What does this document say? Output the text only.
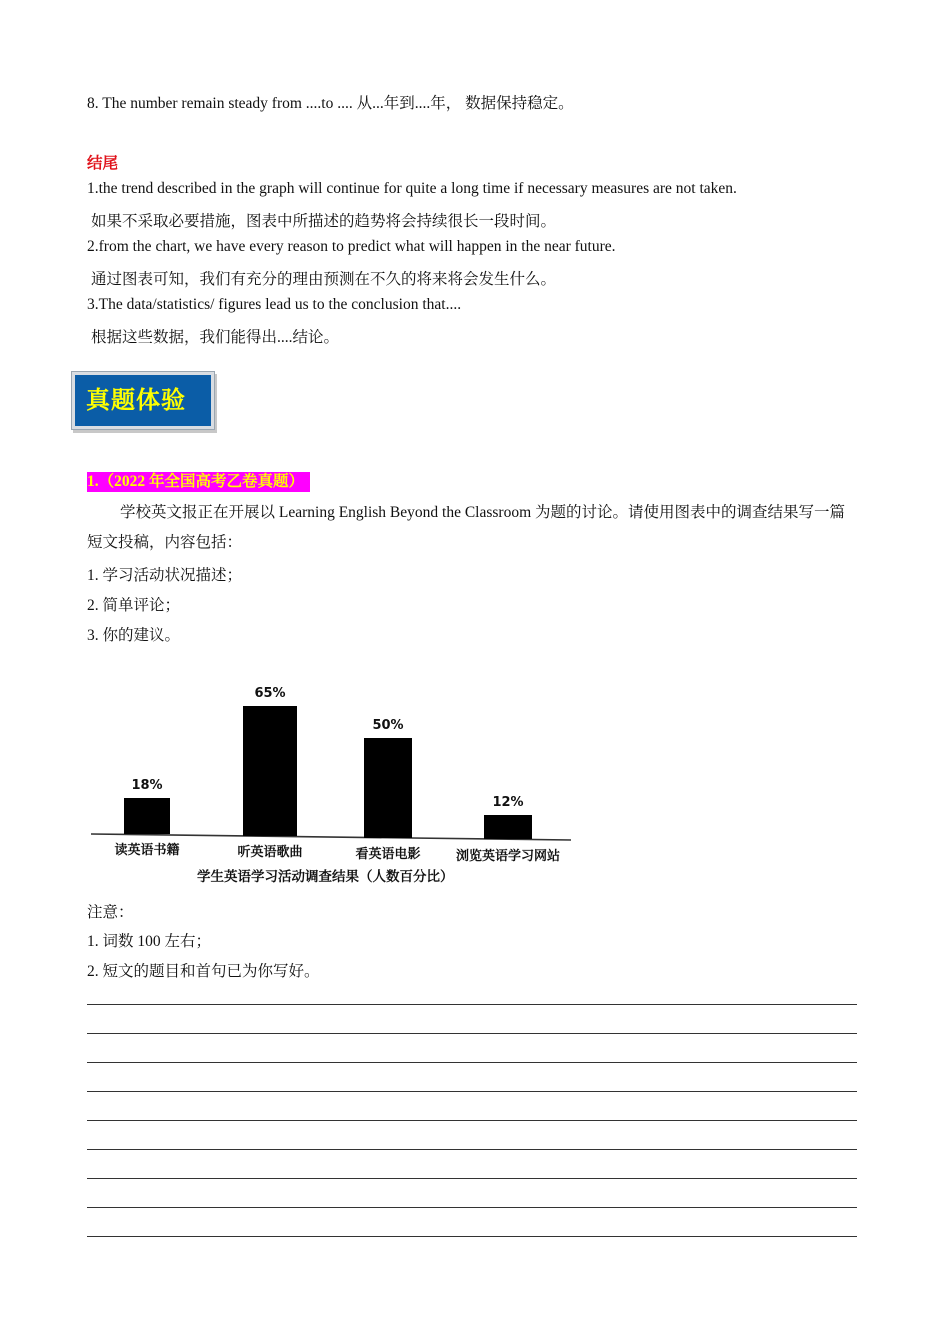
8. The number remain steady from ....to .... 从...年到....年， 数据保持稳定。
结尾
1.the trend described in the graph will continue for quite a long time if necessary measures are not taken.
如果不采取必要措施，图表中所描述的趋势将会持续很长一段时间。
2.from the chart, we have every reason to predict what will happen in the near future.
通过图表可知，我们有充分的理由预测在不久的将来将会发生什么。
3.The data/statistics/ figures lead us to the conclusion that....
根据这些数据，我们能得出....结论。
真题体验
1.（2022 年全国高考乙卷真题）
学校英文报正在开展以 Learning English Beyond the Classroom 为题的讨论。请使用图表中的调查结果写一篇短文投稿，内容包括：
1. 学习活动状况描述；
2. 简单评论；
3. 你的建议。
18%
读英语书籍
65%
听英语歌曲
50%
看英语电影
12%
浏览英语学习网站
学生英语学习活动调查结果（人数百分比）
注意：
1. 词数 100 左右；
2. 短文的题目和首句已为你写好。
